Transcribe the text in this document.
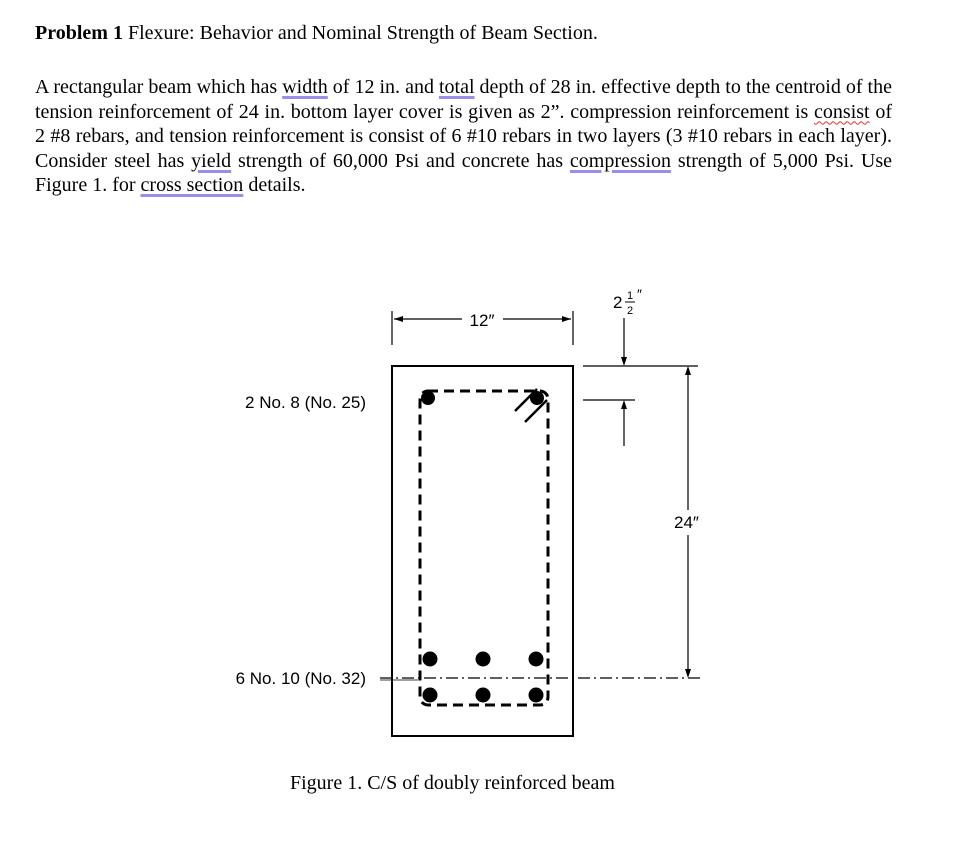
Problem 1 Flexure: Behavior and Nominal Strength of Beam Section.
A rectangular beam which has width of 12 in. and total depth of 28 in. effective depth to the centroid of the tension reinforcement of 24 in. bottom layer cover is given as 2”. compression reinforcement is consist of 2 #8 rebars, and tension reinforcement is consist of 6 #10 rebars in two layers (3 #10 rebars in each layer). Consider steel has yield strength of 60,000 Psi and concrete has compression strength of 5,000 Psi. Use Figure 1. for cross section details.
12″
2 1
2
″
24″
2 No. 8 (No. 25)
6 No. 10 (No. 32)
Figure 1. C/S of doubly reinforced beam
